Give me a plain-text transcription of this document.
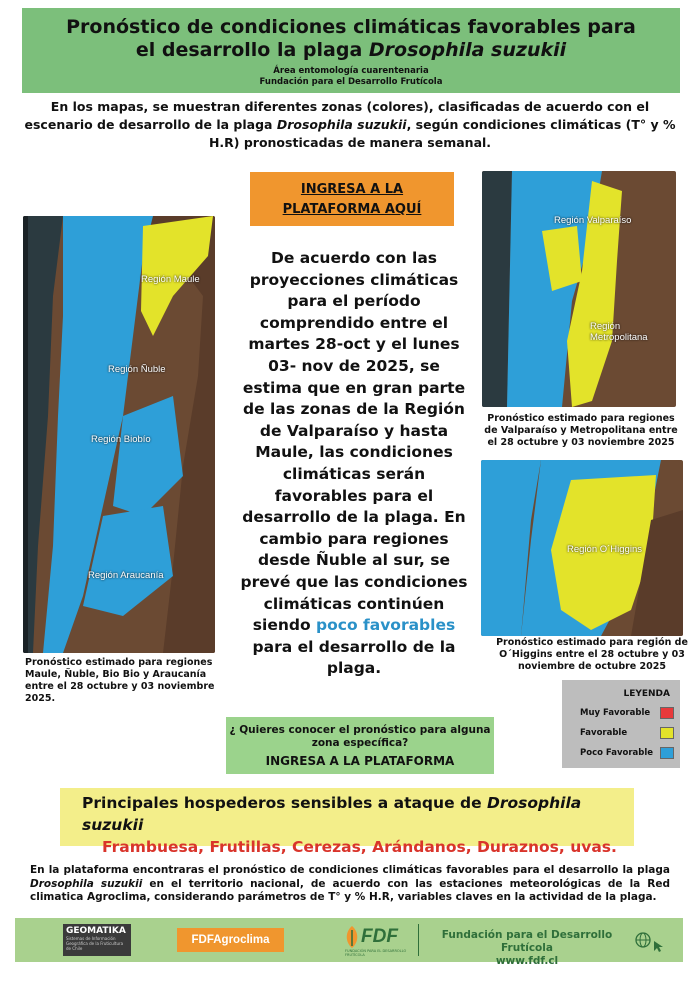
Pronóstico de condiciones climáticas favorables para
el desarrollo la plaga Drosophila suzukii
Área entomología cuarentenaria
Fundación para el Desarrollo Frutícola
En los mapas, se muestran diferentes zonas (colores), clasificadas de acuerdo con el escenario de desarrollo de la plaga Drosophila suzukii, según condiciones climáticas (T° y % H.R) pronosticadas de manera semanal.
Región Maule
Región Ñuble
Región Biobío
Región Araucanía
Pronóstico estimado para regiones Maule, Ñuble, Bio Bio y Araucanía entre el 28 octubre y 03 noviembre 2025.
INGRESA A LA
PLATAFORMA AQUÍ
De acuerdo con las proyecciones climáticas para el período comprendido entre el martes 28-oct y el lunes 03- nov de 2025, se estima que en gran parte de las zonas de la Región de Valparaíso y hasta Maule, las condiciones climáticas serán favorables para el desarrollo de la plaga. En cambio para regiones desde Ñuble al sur, se prevé que las condiciones climáticas continúen siendo poco favorables para el desarrollo de la plaga.
Región Valparaíso
Región Metropolitana
Pronóstico estimado para regiones de Valparaíso y Metropolitana entre el 28 octubre y 03 noviembre 2025
Región O´Higgins
Pronóstico estimado para región de O´Higgins entre el 28 octubre y 03 noviembre de octubre 2025
LEYENDA
Muy Favorable
Favorable
Poco Favorable
¿ Quieres conocer el pronóstico para alguna zona específica?
INGRESA A LA PLATAFORMA
Principales hospederos sensibles a ataque de Drosophila suzukii
Frambuesa, Frutillas, Cerezas, Arándanos, Duraznos, uvas.
En la plataforma encontraras el pronóstico de condiciones climáticas favorables para el desarrollo la plaga Drosophila suzukii en el territorio nacional, de acuerdo con las estaciones meteorológicas de la Red climatica Agroclima, considerando parámetros de T° y % H.R, variables claves en la actividad de la plaga.
GEOMATIKA
Sistemas de Información Geográfica de la Fruticultura de Chile
FDFAgroclima	FDF
FUNDACIÓN PARA EL DESARROLLO FRUTÍCOLA
Fundación para el Desarrollo Frutícola
www.fdf.cl
